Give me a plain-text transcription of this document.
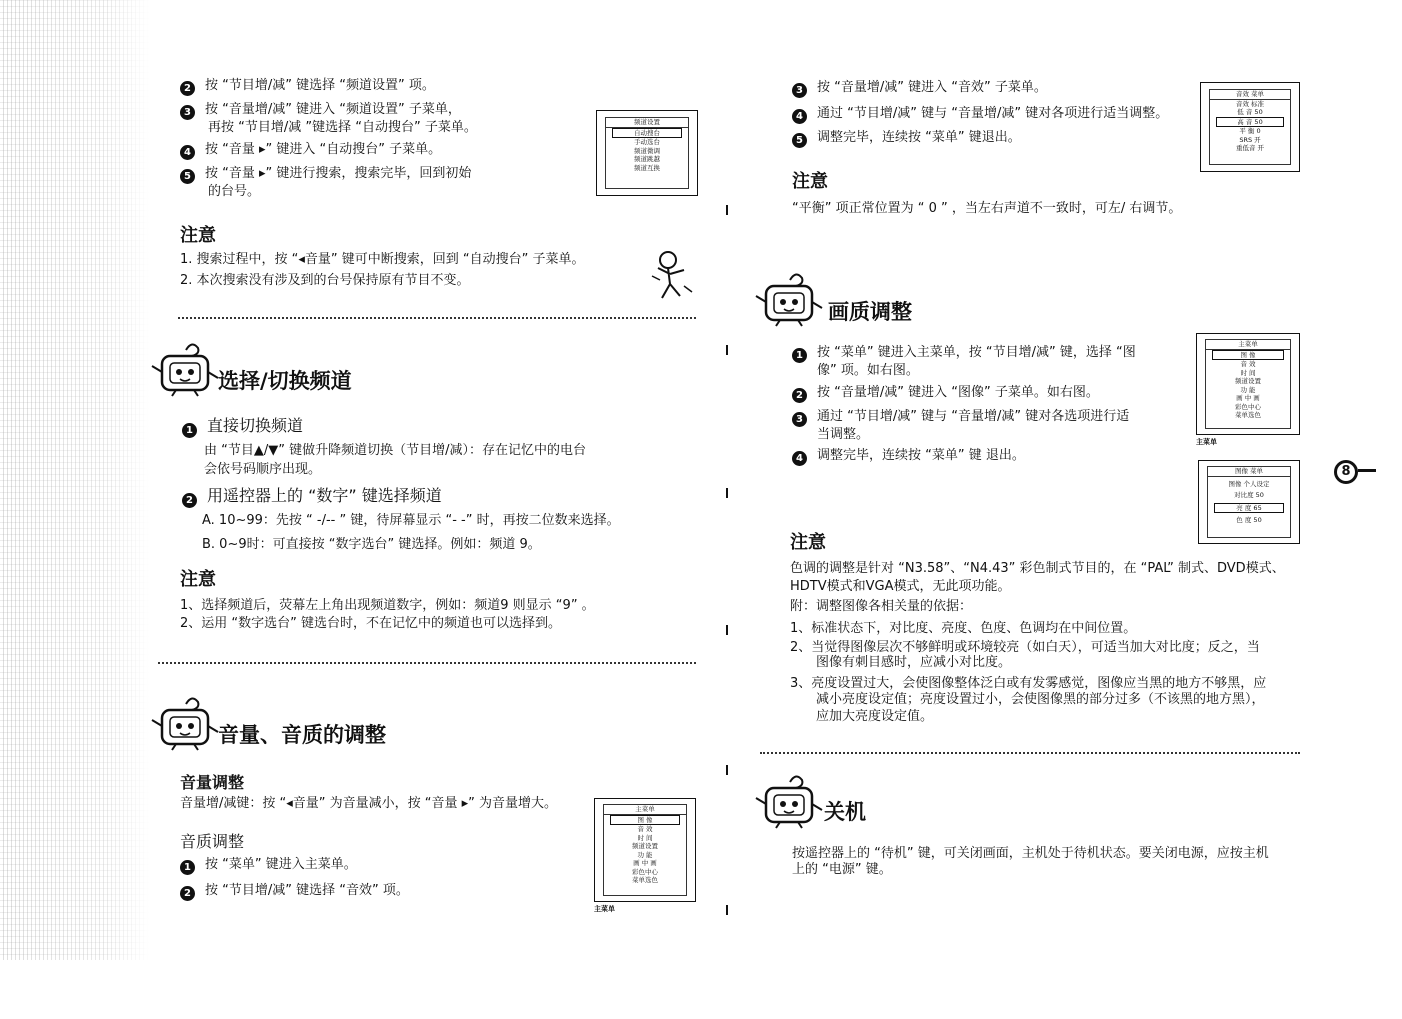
2 按 “节目增/减” 键选择 “频道设置” 项。
3 按 “音量增/减” 键进入 “频道设置” 子菜单，
再按 “节目增/减 ”键选择 “自动搜台” 子菜单。
4 按 “音量 ▸” 键进入 “自动搜台” 子菜单。
5 按 “音量 ▸” 键进行搜索，搜索完毕，回到初始
的台号。
频道设置
自动搜台
手动选台
频道微调
频道跳越
频道互换
注意
1. 搜索过程中，按 “◂音量” 键可中断搜索，回到 “自动搜台” 子菜单。
2. 本次搜索没有涉及到的台号保持原有节目不变。
选择/切换频道
1 直接切换频道
由 “节目▲/▼” 键做升降频道切换（节目增/减）：存在记忆中的电台
会依号码顺序出现。
2 用遥控器上的 “数字” 键选择频道
A. 10~99：先按 “ -/-- ” 键，待屏幕显示 “- -” 时，再按二位数来选择。
B. 0~9时：可直接按 “数字选台” 键选择。例如：频道 9。
注意
1、选择频道后，荧幕左上角出现频道数字，例如：频道9 则显示 “9” 。
2、运用 “数字选台” 键选台时，不在记忆中的频道也可以选择到。
音量、音质的调整
音量调整
音量增/减键：按 “◂音量” 为音量减小，按 “音量 ▸” 为音量增大。
音质调整
1 按 “菜单” 键进入主菜单。
2 按 “节目增/减” 键选择 “音效” 项。
主菜单
图 像
音 效
时 间
频道设置
功 能
画 中 画
彩色中心
菜单选色
主菜单
3 按 “音量增/减” 键进入 “音效” 子菜单。
4 通过 “节目增/减” 键与 “音量增/减” 键对各项进行适当调整。
5 调整完毕，连续按 “菜单” 键退出。
音效 菜单
音效 标准
低 音 50
高 音 50
平 衡 0
SRS 开
重低音 开
注意
“平衡” 项正常位置为 “ 0 ” ，当左右声道不一致时，可左/ 右调节。
画质调整
1 按 “菜单” 键进入主菜单，按 “节目增/减” 键，选择 “图
像” 项。如右图。
2 按 “音量增/减” 键进入 “图像” 子菜单。如右图。
3 通过 “节目增/减” 键与 “音量增/减” 键对各选项进行适
当调整。
4 调整完毕，连续按 “菜单” 键 退出。
主菜单
图 像
音 效
时 间
频道设置
功 能
画 中 画
彩色中心
菜单选色
主菜单
图像 菜单
图像 个人设定
对比度 50
亮 度 65
色 度 50
8
注意
色调的调整是针对 “N3.58”、“N4.43” 彩色制式节目的，在 “PAL” 制式、DVD模式、
HDTV模式和VGA模式，无此项功能。
附：调整图像各相关量的依据：
1、标准状态下，对比度、亮度、色度、色调均在中间位置。
2、当觉得图像层次不够鲜明或环境较亮（如白天），可适当加大对比度；反之，当
图像有刺目感时，应减小对比度。
3、亮度设置过大，会使图像整体泛白或有发雾感觉，图像应当黑的地方不够黑，应
减小亮度设定值；亮度设置过小，会使图像黑的部分过多（不该黑的地方黑），
应加大亮度设定值。
关机
按遥控器上的 “待机” 键，可关闭画面，主机处于待机状态。要关闭电源，应按主机
上的 “电源” 键。
